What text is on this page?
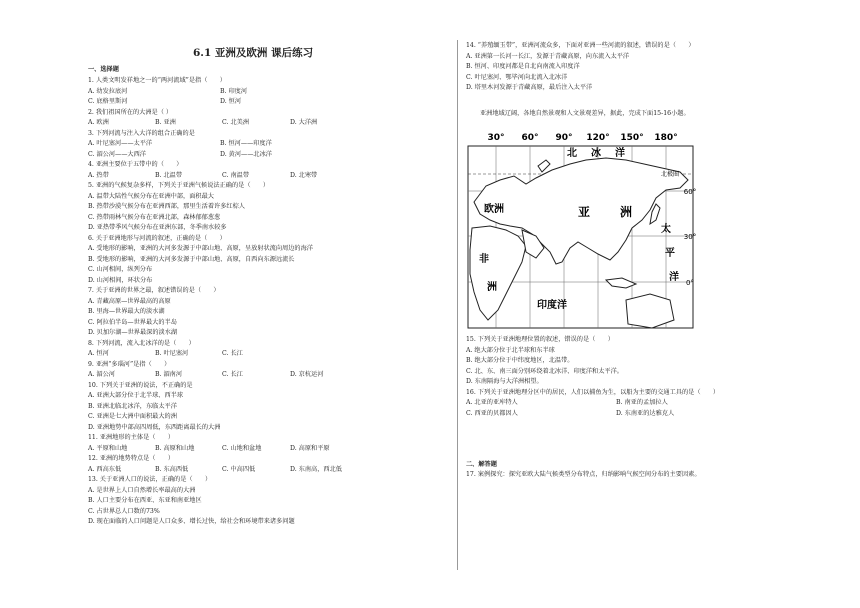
6.1 亚洲及欧洲 课后练习
一、选择题
30° 60° 90° 120° 150° 180°
60°
30°
0°
北极圈
北 冰 洋
亚 洲
欧洲
非
洲
太
平
洋
印度洋
1. 人类文明发祥地之一的“两河流域”是指（　　）
A. 幼发拉底河	B. 印度河
C. 底格里斯河	D. 恒河
2. 我们祖国所在的大洲是（ ）
A. 欧洲	B. 亚洲	C. 北美洲	D. 大洋洲
3. 下列河流与注入大洋的组合正确的是
A. 叶尼塞河——太平洋	B. 恒河——印度洋
C. 湄公河——大西洋	D. 黄河——北冰洋
4. 亚洲主要位于五带中的（　　）
A. 热带	B. 北温带	C. 南温带	D. 北寒带
5. 亚洲的气候复杂多样，下列关于亚洲气候说法正确的是（　　）
A. 温带大陆性气候分布在亚洲中部，面积最大
B. 热带沙漠气候分布在亚洲西部，那里生活着许多红棕人
C. 热带雨林气候分布在亚洲北部，森林郁郁葱葱
D. 亚热带季风气候分布在亚洲东部，冬季南水较多
6. 关于亚洲地形与河流的叙述，正确的是（　　）
A. 受地形的影响，亚洲的大河多发源于中部山地、高原，呈放射状流向周边的海洋
B. 受地形的影响，亚洲的大河多发源于中部山地、高原，自西向东源远流长
C. 山河相间，纵列分布
D. 山河相间，环状分布
7. 关于亚洲的世界之最，叙述错误的是（　　）
A. 青藏高原—世界最高的高原
B. 里海—世界最大的淡水湖
C. 阿拉伯半岛—世界最大的半岛
D. 贝加尔湖—世界最深的淡水湖
8. 下列河流，流入北冰洋的是（　　）
A. 恒河	B. 叶尼塞河	C. 长江
9. 亚洲“多瑙河”是指（　　）
A. 湄公河	B. 湄南河	C. 长江	D. 京杭运河
10. 下列关于亚洲的说法，不正确的是
A. 亚洲大部分位于北半球、西半球
B. 亚洲北临北冰洋，东临太平洋
C. 亚洲是七大洲中面积最大的洲
D. 亚洲地势中部高四周低，东西距离最长的大洲
11. 亚洲地形的主体是（　　）
A. 平原和山地	B. 高原和山地	C. 山地和盆地	D. 高原和平原
12. 亚洲的地势特点是（　　）
A. 西高东低	B. 东高西低	C. 中高四低	D. 东南高，西北低
13. 关于亚洲人口的说法，正确的是（　　）
A. 是世界上人口自然增长率最高的大洲
B. 人口主要分布在西亚、东亚和南亚地区
C. 占世界总人口数的73%
D. 现在面临的人口问题是人口众多、增长过快，给社会和环境带来诸多问题
14. “养殖缅玉带”，亚洲河流众多，下面对亚洲一些河流的叙述，错误的是（　　）
A. 亚洲第一长河一长江，发源于青藏高原，向东流入太平洋
B. 恒河、印度河都是自北向南流入印度洋
C. 叶尼塞河、鄂毕河向北流入北冰洋
D. 塔里木河发源于青藏高原，最后注入太平洋
亚洲地域辽阔，各地自然景观和人文景观差异，据此，完成下面15-16小题。
15. 下列关于亚洲地理位置的叙述，错误的是（　　）
A. 绝大部分位于北半球和东半球
B. 绝大部分位于中纬度地区，北温带。
C. 北、东、南三面分别环绕着北冰洋、印度洋和太平洋。
D. 东南隔海与大洋洲相望。
16. 下列关于亚洲地理分区中的居民，人们以捕鱼为生，以船为主要的交通工具的是（　　）
A. 北亚的亚库特人	B. 南亚的孟加拉人
C. 西亚的贝都因人	D. 东南亚的达雅克人
二、解答题
17. 案例探究：探究亚欧大陆气候类型分布特点，归纳影响气候空间分布的主要因素。
